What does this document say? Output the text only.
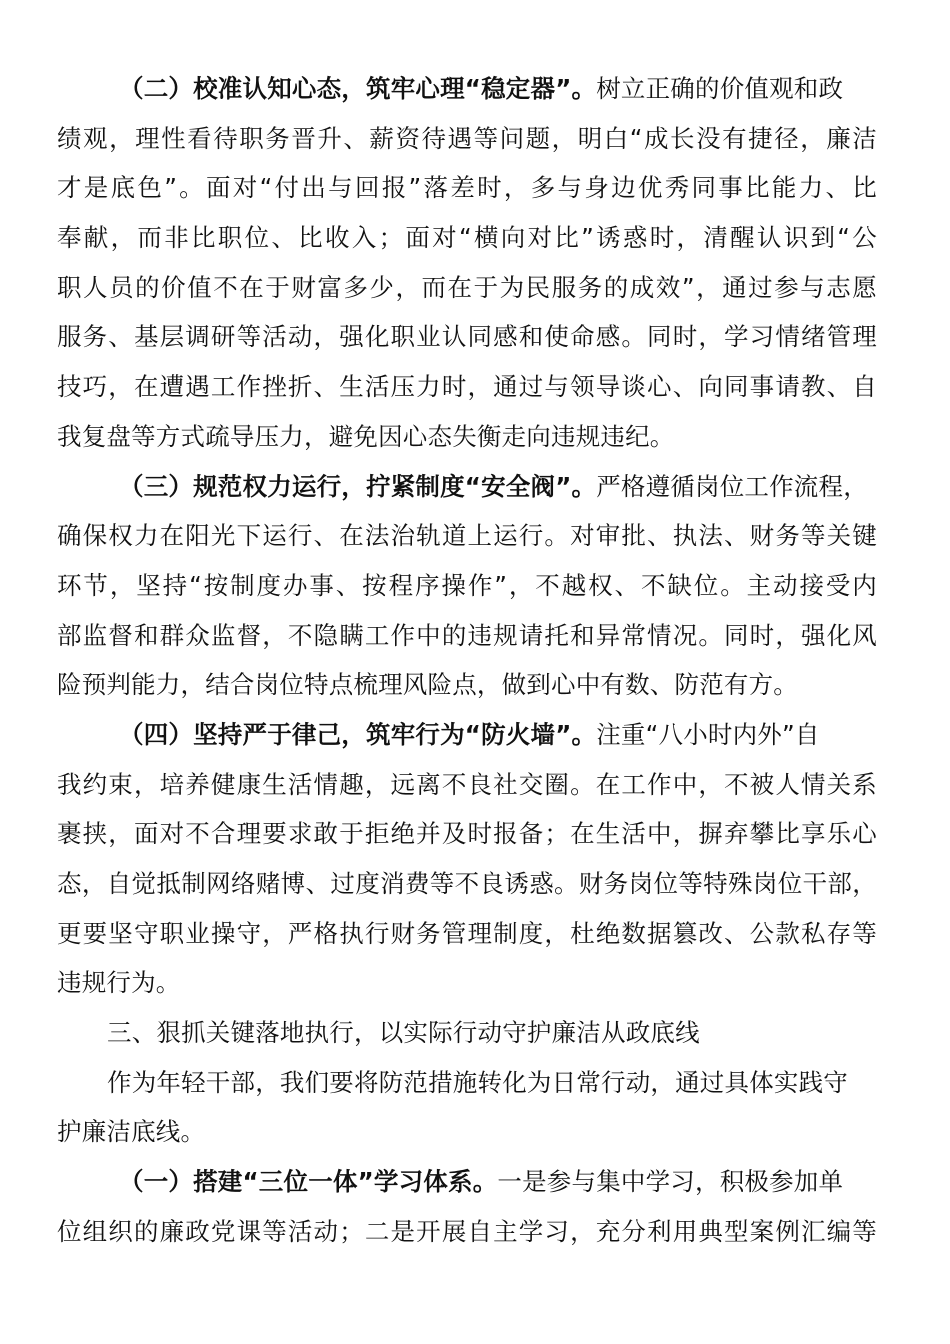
（二）校准认知心态，筑牢心理“稳定器”。树立正确的价值观和政
绩观，理性看待职务晋升、薪资待遇等问题，明白“成长没有捷径，廉洁
才是底色”。面对“付出与回报”落差时，多与身边优秀同事比能力、比
奉献，而非比职位、比收入；面对“横向对比”诱惑时，清醒认识到“公
职人员的价值不在于财富多少，而在于为民服务的成效”，通过参与志愿
服务、基层调研等活动，强化职业认同感和使命感。同时，学习情绪管理
技巧，在遭遇工作挫折、生活压力时，通过与领导谈心、向同事请教、自
我复盘等方式疏导压力，避免因心态失衡走向违规违纪。
（三）规范权力运行，拧紧制度“安全阀”。严格遵循岗位工作流程，
确保权力在阳光下运行、在法治轨道上运行。对审批、执法、财务等关键
环节，坚持“按制度办事、按程序操作”，不越权、不缺位。主动接受内
部监督和群众监督，不隐瞒工作中的违规请托和异常情况。同时，强化风
险预判能力，结合岗位特点梳理风险点，做到心中有数、防范有方。
（四）坚持严于律己，筑牢行为“防火墙”。注重“八小时内外”自
我约束，培养健康生活情趣，远离不良社交圈。在工作中，不被人情关系
裹挟，面对不合理要求敢于拒绝并及时报备；在生活中，摒弃攀比享乐心
态，自觉抵制网络赌博、过度消费等不良诱惑。财务岗位等特殊岗位干部，
更要坚守职业操守，严格执行财务管理制度，杜绝数据篡改、公款私存等
违规行为。
三、狠抓关键落地执行，以实际行动守护廉洁从政底线
作为年轻干部，我们要将防范措施转化为日常行动，通过具体实践守
护廉洁底线。
（一）搭建“三位一体”学习体系。一是参与集中学习，积极参加单
位组织的廉政党课等活动；二是开展自主学习，充分利用典型案例汇编等
